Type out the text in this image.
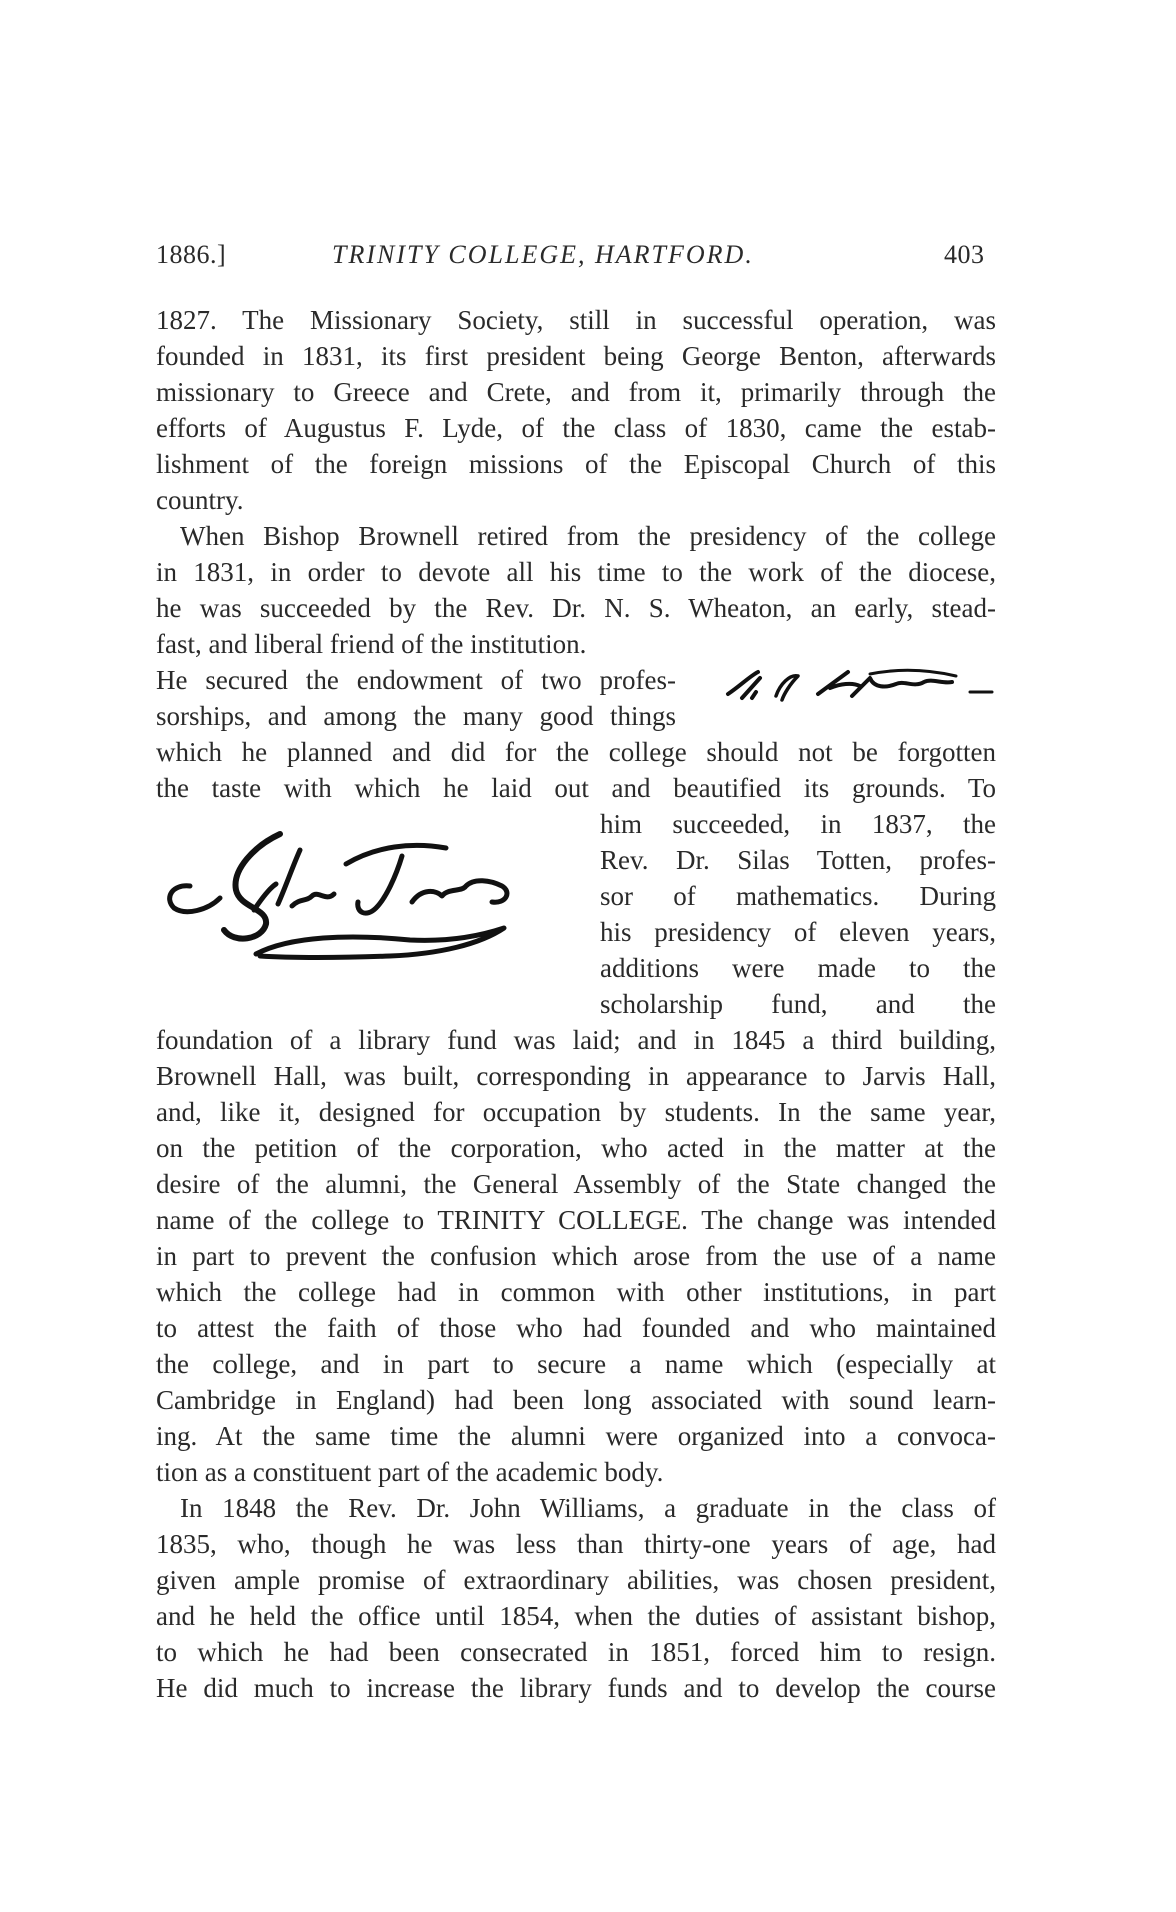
1886.]	TRINITY COLLEGE, HARTFORD.	403
1827. The Missionary Society, still in successful operation, was
founded in 1831, its first president being George Benton, afterwards
missionary to Greece and Crete, and from it, primarily through the
efforts of Augustus F. Lyde, of the class of 1830, came the estab-
lishment of the foreign missions of the Episcopal Church of this
country.
When Bishop Brownell retired from the presidency of the college
in 1831, in order to devote all his time to the work of the diocese,
he was succeeded by the Rev. Dr. N. S. Wheaton, an early, stead-
fast, and liberal friend of the institution.
He secured the endowment of two profes-
sorships, and among the many good things
which he planned and did for the college should not be forgotten
the taste with which he laid out and beautified its grounds. To
him succeeded, in 1837, the
Rev. Dr. Silas Totten, profes-
sor of mathematics. During
his presidency of eleven years,
additions were made to the
scholarship fund, and the
foundation of a library fund was laid; and in 1845 a third building,
Brownell Hall, was built, corresponding in appearance to Jarvis Hall,
and, like it, designed for occupation by students. In the same year,
on the petition of the corporation, who acted in the matter at the
desire of the alumni, the General Assembly of the State changed the
name of the college to TRINITY COLLEGE. The change was intended
in part to prevent the confusion which arose from the use of a name
which the college had in common with other institutions, in part
to attest the faith of those who had founded and who maintained
the college, and in part to secure a name which (especially at
Cambridge in England) had been long associated with sound learn-
ing. At the same time the alumni were organized into a convoca-
tion as a constituent part of the academic body.
In 1848 the Rev. Dr. John Williams, a graduate in the class of
1835, who, though he was less than thirty-one years of age, had
given ample promise of extraordinary abilities, was chosen president,
and he held the office until 1854, when the duties of assistant bishop,
to which he had been consecrated in 1851, forced him to resign.
He did much to increase the library funds and to develop the course
